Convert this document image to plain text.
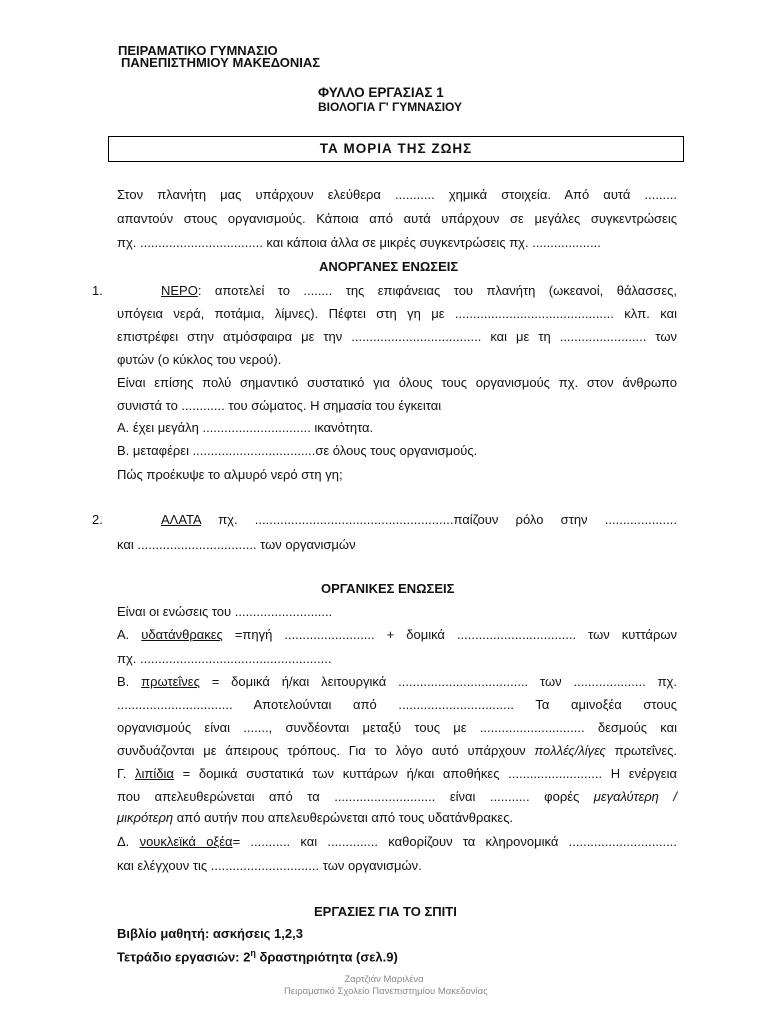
ΠΕΙΡΑΜΑΤΙΚΟ ΓΥΜΝΑΣΙΟ
ΠΑΝΕΠΙΣΤΗΜΙΟΥ ΜΑΚΕΔΟΝΙΑΣ
ΦΥΛΛΟ ΕΡΓΑΣΙΑΣ 1
ΒΙΟΛΟΓΙΑ Γ' ΓΥΜΝΑΣΙΟΥ
ΤΑ ΜΟΡΙΑ ΤΗΣ ΖΩΗΣ
Στον πλανήτη μας υπάρχουν ελεύθερα ........... χημικά στοιχεία. Από αυτά .........
απαντούν στους οργανισμούς. Κάποια από αυτά υπάρχουν σε μεγάλες συγκεντρώσεις
πχ. .................................. και κάποια άλλα σε μικρές συγκεντρώσεις πχ. ...................
ΑΝΟΡΓΑΝΕΣ ΕΝΩΣΕΙΣ
1.	ΝΕΡΟ: αποτελεί το ........ της επιφάνειας του πλανήτη (ωκεανοί, θάλασσες,
υπόγεια νερά, ποτάμια, λίμνες). Πέφτει στη γη με ............................................ κλπ. και
επιστρέφει στην ατμόσφαιρα με την .................................... και με τη ........................ των
φυτών (ο κύκλος του νερού).
Είναι επίσης πολύ σημαντικό συστατικό για όλους τους οργανισμούς πχ. στον άνθρωπο
συνιστά το ............ του σώματος. Η σημασία του έγκειται
Α. έχει μεγάλη .............................. ικανότητα.
Β. μεταφέρει ..................................σε όλους τους οργανισμούς.
Πώς προέκυψε το αλμυρό νερό στη γη;
2.	ΑΛΑΤΑ πχ. .......................................................παίζουν ρόλο στην ....................
και ................................. των οργανισμών
ΟΡΓΑΝΙΚΕΣ ΕΝΩΣΕΙΣ
Είναι οι ενώσεις του ...........................
Α. υδατάνθρακες =πηγή ......................... + δομικά ................................. των κυττάρων
πχ. .....................................................
Β. πρωτεΐνες = δομικά ή/και λειτουργικά .................................... των .................... πχ.
................................ Αποτελούνται από ................................ Τα αμινοξέα στους
οργανισμούς είναι ......., συνδέονται μεταξύ τους με ............................. δεσμούς και
συνδυάζονται με άπειρους τρόπους. Για το λόγο αυτό υπάρχουν πολλές/λίγες πρωτεΐνες.
Γ. λιπίδια = δομικά συστατικά των κυττάρων ή/και αποθήκες .......................... Η ενέργεια
που απελευθερώνεται από τα ............................ είναι ........... φορές μεγαλύτερη /
μικρότερη από αυτήν που απελευθερώνεται από τους υδατάνθρακες.
Δ. νουκλεϊκά οξέα= ........... και .............. καθορίζουν τα κληρονομικά ..............................
και ελέγχουν τις .............................. των οργανισμών.
ΕΡΓΑΣΙΕΣ ΓΙΑ ΤΟ ΣΠΙΤΙ
Βιβλίο μαθητή: ασκήσεις 1,2,3
Τετράδιο εργασιών: $2^\eta$ δραστηριότητα (σελ.9)
Ζαρτζιάν Μαριλένα
Πειραματικό Σχολείο Πανεπιστημίου Μακεδονίας
